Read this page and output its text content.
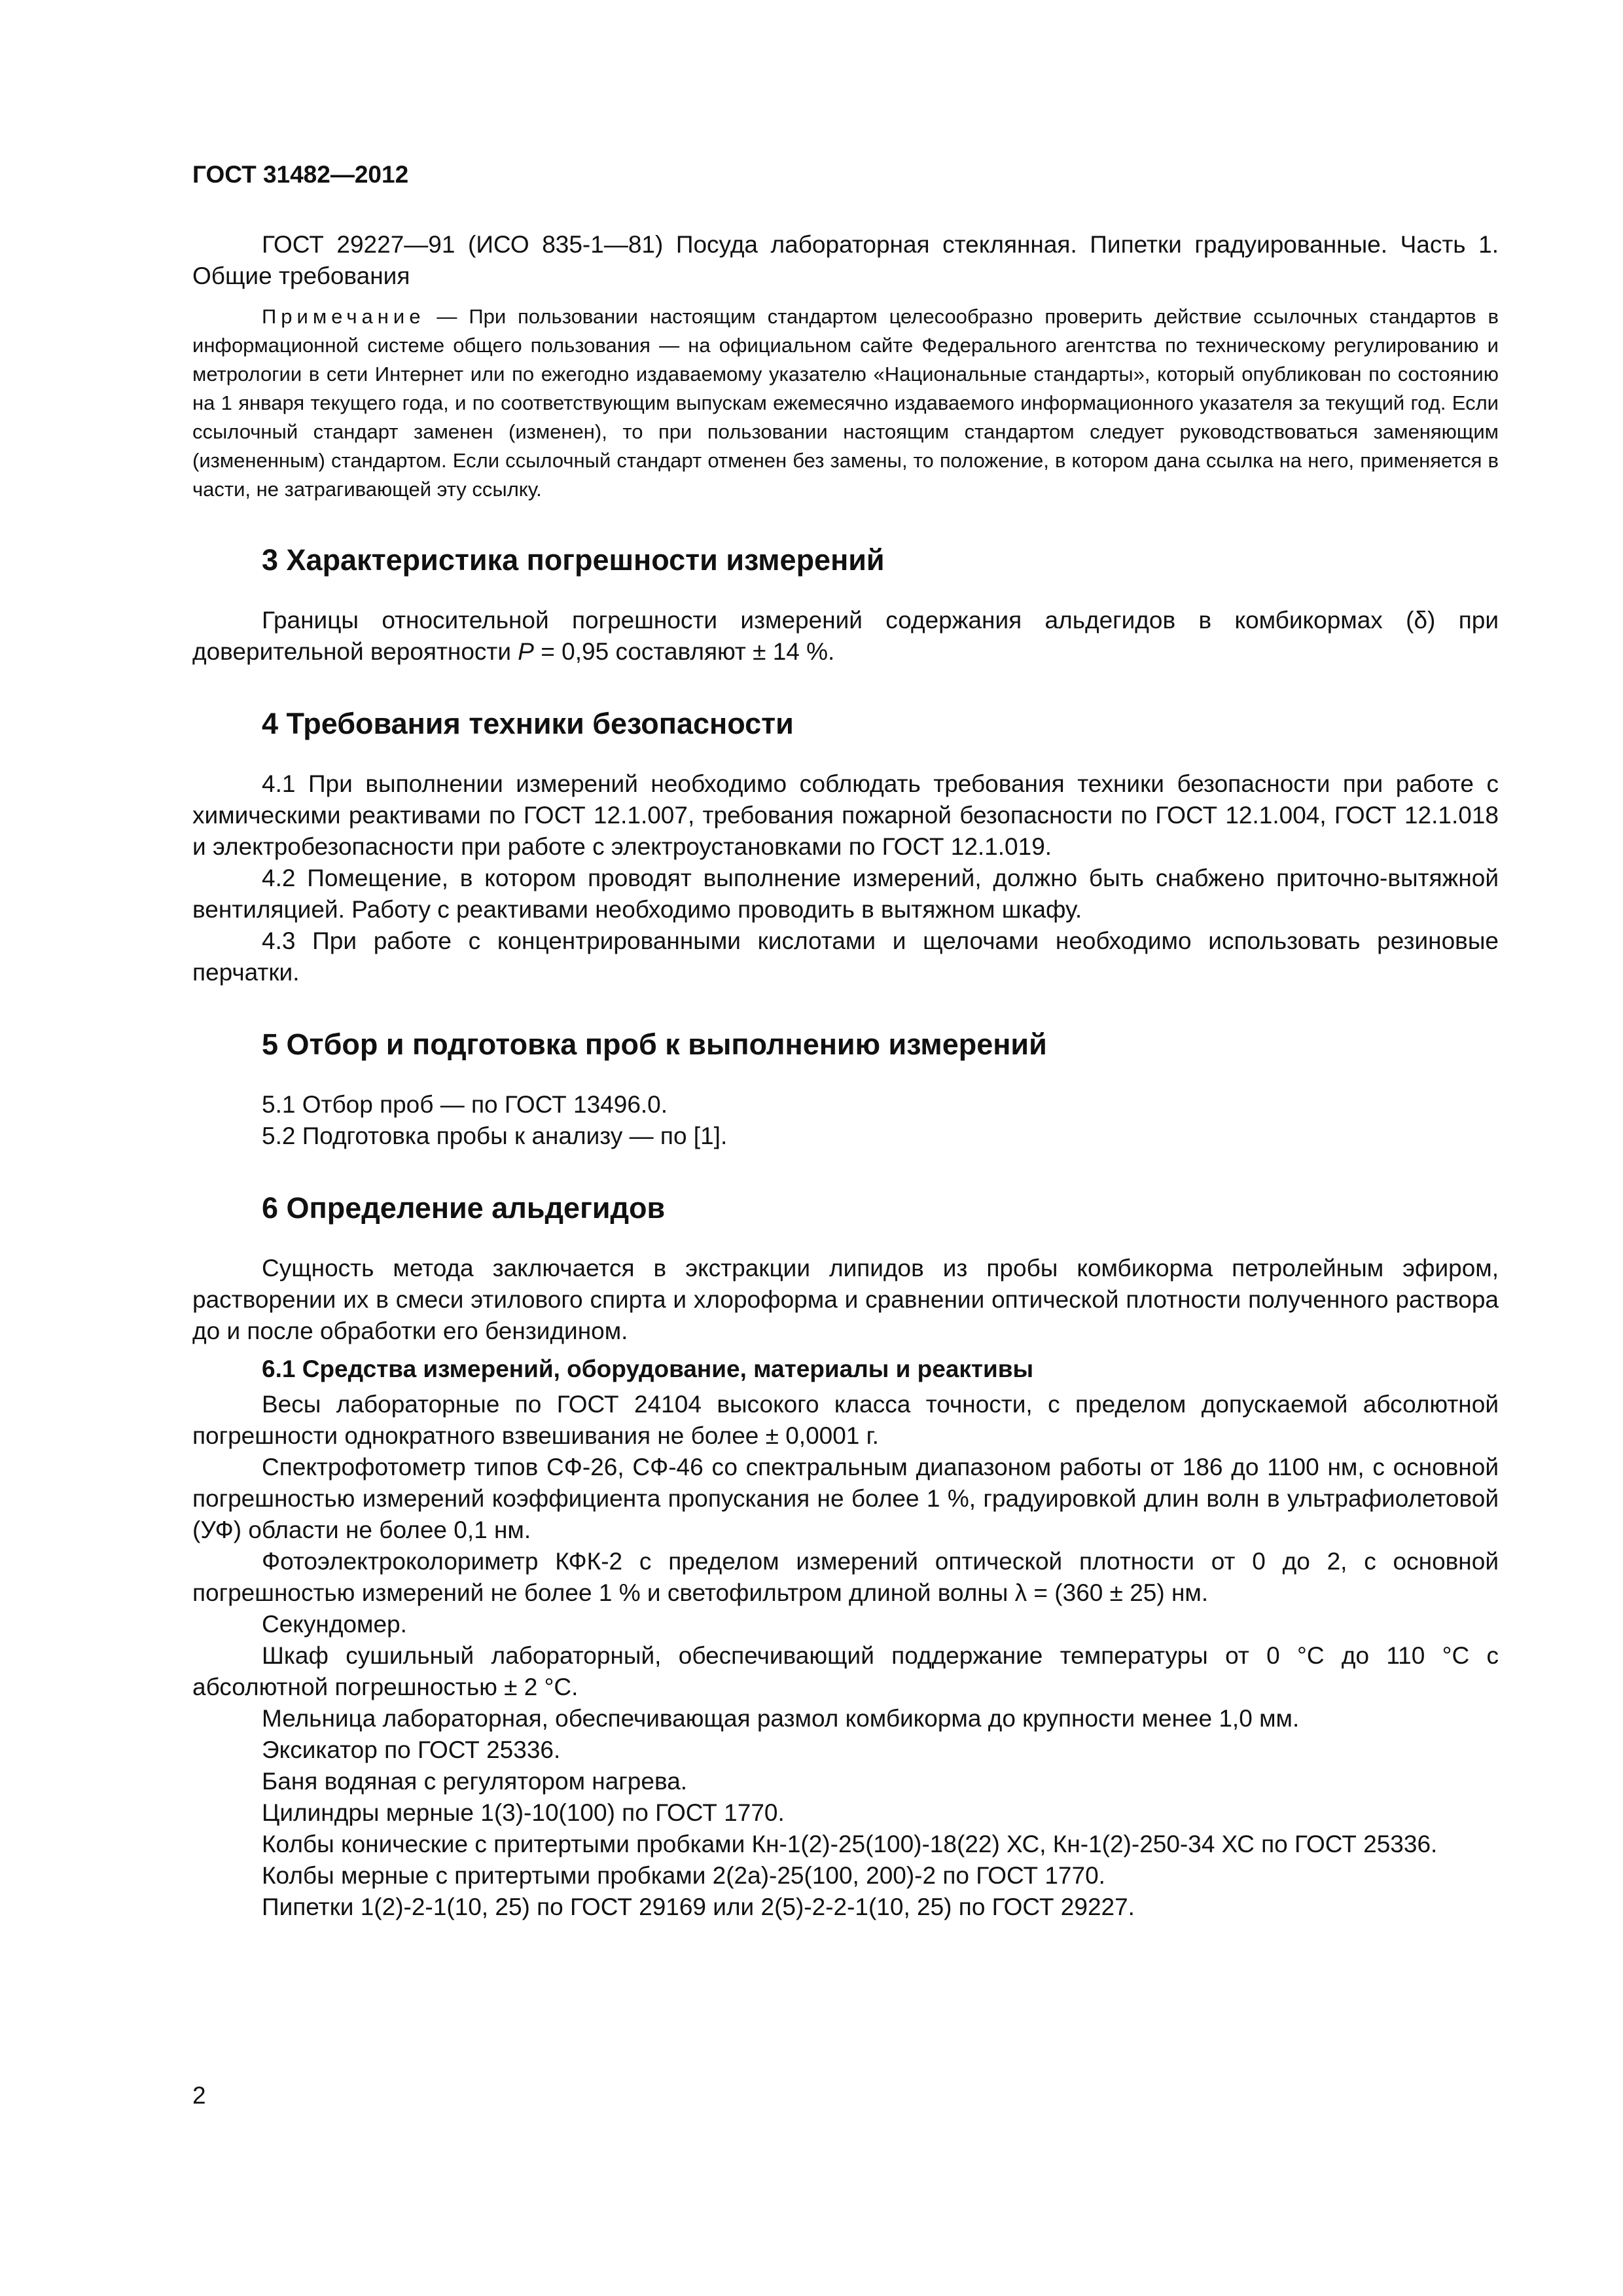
ГОСТ 31482—2012

ГОСТ 29227—91 (ИСО 835-1—81) Посуда лабораторная стеклянная. Пипетки градуированные. Часть 1. Общие требования

Примечание — При пользовании настоящим стандартом целесообразно проверить действие ссылочных стандартов в информационной системе общего пользования — на официальном сайте Федерального агентства по техническому регулированию и метрологии в сети Интернет или по ежегодно издаваемому указателю «Национальные стандарты», который опубликован по состоянию на 1 января текущего года, и по соответствующим выпускам ежемесячно издаваемого информационного указателя за текущий год. Если ссылочный стандарт заменен (изменен), то при пользовании настоящим стандартом следует руководствоваться заменяющим (измененным) стандартом. Если ссылочный стандарт отменен без замены, то положение, в котором дана ссылка на него, применяется в части, не затрагивающей эту ссылку.

3 Характеристика погрешности измерений

Границы относительной погрешности измерений содержания альдегидов в комбикормах (δ) при доверительной вероятности P = 0,95 составляют ± 14 %.

4 Требования техники безопасности

4.1 При выполнении измерений необходимо соблюдать требования техники безопасности при работе с химическими реактивами по ГОСТ 12.1.007, требования пожарной безопасности по ГОСТ 12.1.004, ГОСТ 12.1.018 и электробезопасности при работе с электроустановками по ГОСТ 12.1.019.

4.2 Помещение, в котором проводят выполнение измерений, должно быть снабжено приточно-вытяжной вентиляцией. Работу с реактивами необходимо проводить в вытяжном шкафу.

4.3 При работе с концентрированными кислотами и щелочами необходимо использовать резиновые перчатки.

5 Отбор и подготовка проб к выполнению измерений

5.1 Отбор проб — по ГОСТ 13496.0.

5.2 Подготовка пробы к анализу — по [1].

6 Определение альдегидов

Сущность метода заключается в экстракции липидов из пробы комбикорма петролейным эфиром, растворении их в смеси этилового спирта и хлороформа и сравнении оптической плотности полученного раствора до и после обработки его бензидином.

6.1 Средства измерений, оборудование, материалы и реактивы

Весы лабораторные по ГОСТ 24104 высокого класса точности, с пределом допускаемой абсолютной погрешности однократного взвешивания не более ± 0,0001 г.

Спектрофотометр типов СФ-26, СФ-46 со спектральным диапазоном работы от 186 до 1100 нм, с основной погрешностью измерений коэффициента пропускания не более 1 %, градуировкой длин волн в ультрафиолетовой (УФ) области не более 0,1 нм.

Фотоэлектроколориметр КФК-2 с пределом измерений оптической плотности от 0 до 2, с основной погрешностью измерений не более 1 % и светофильтром длиной волны λ = (360 ± 25) нм.

Секундомер.

Шкаф сушильный лабораторный, обеспечивающий поддержание температуры от 0 °С до 110 °С с абсолютной погрешностью ± 2 °С.

Мельница лабораторная, обеспечивающая размол комбикорма до крупности менее 1,0 мм.

Эксикатор по ГОСТ 25336.

Баня водяная с регулятором нагрева.

Цилиндры мерные 1(3)-10(100) по ГОСТ 1770.

Колбы конические с притертыми пробками Кн-1(2)-25(100)-18(22) ХС, Кн-1(2)-250-34 ХС по ГОСТ 25336.

Колбы мерные с притертыми пробками 2(2а)-25(100, 200)-2 по ГОСТ 1770.

Пипетки 1(2)-2-1(10, 25) по ГОСТ 29169 или 2(5)-2-2-1(10, 25) по ГОСТ 29227.

2
